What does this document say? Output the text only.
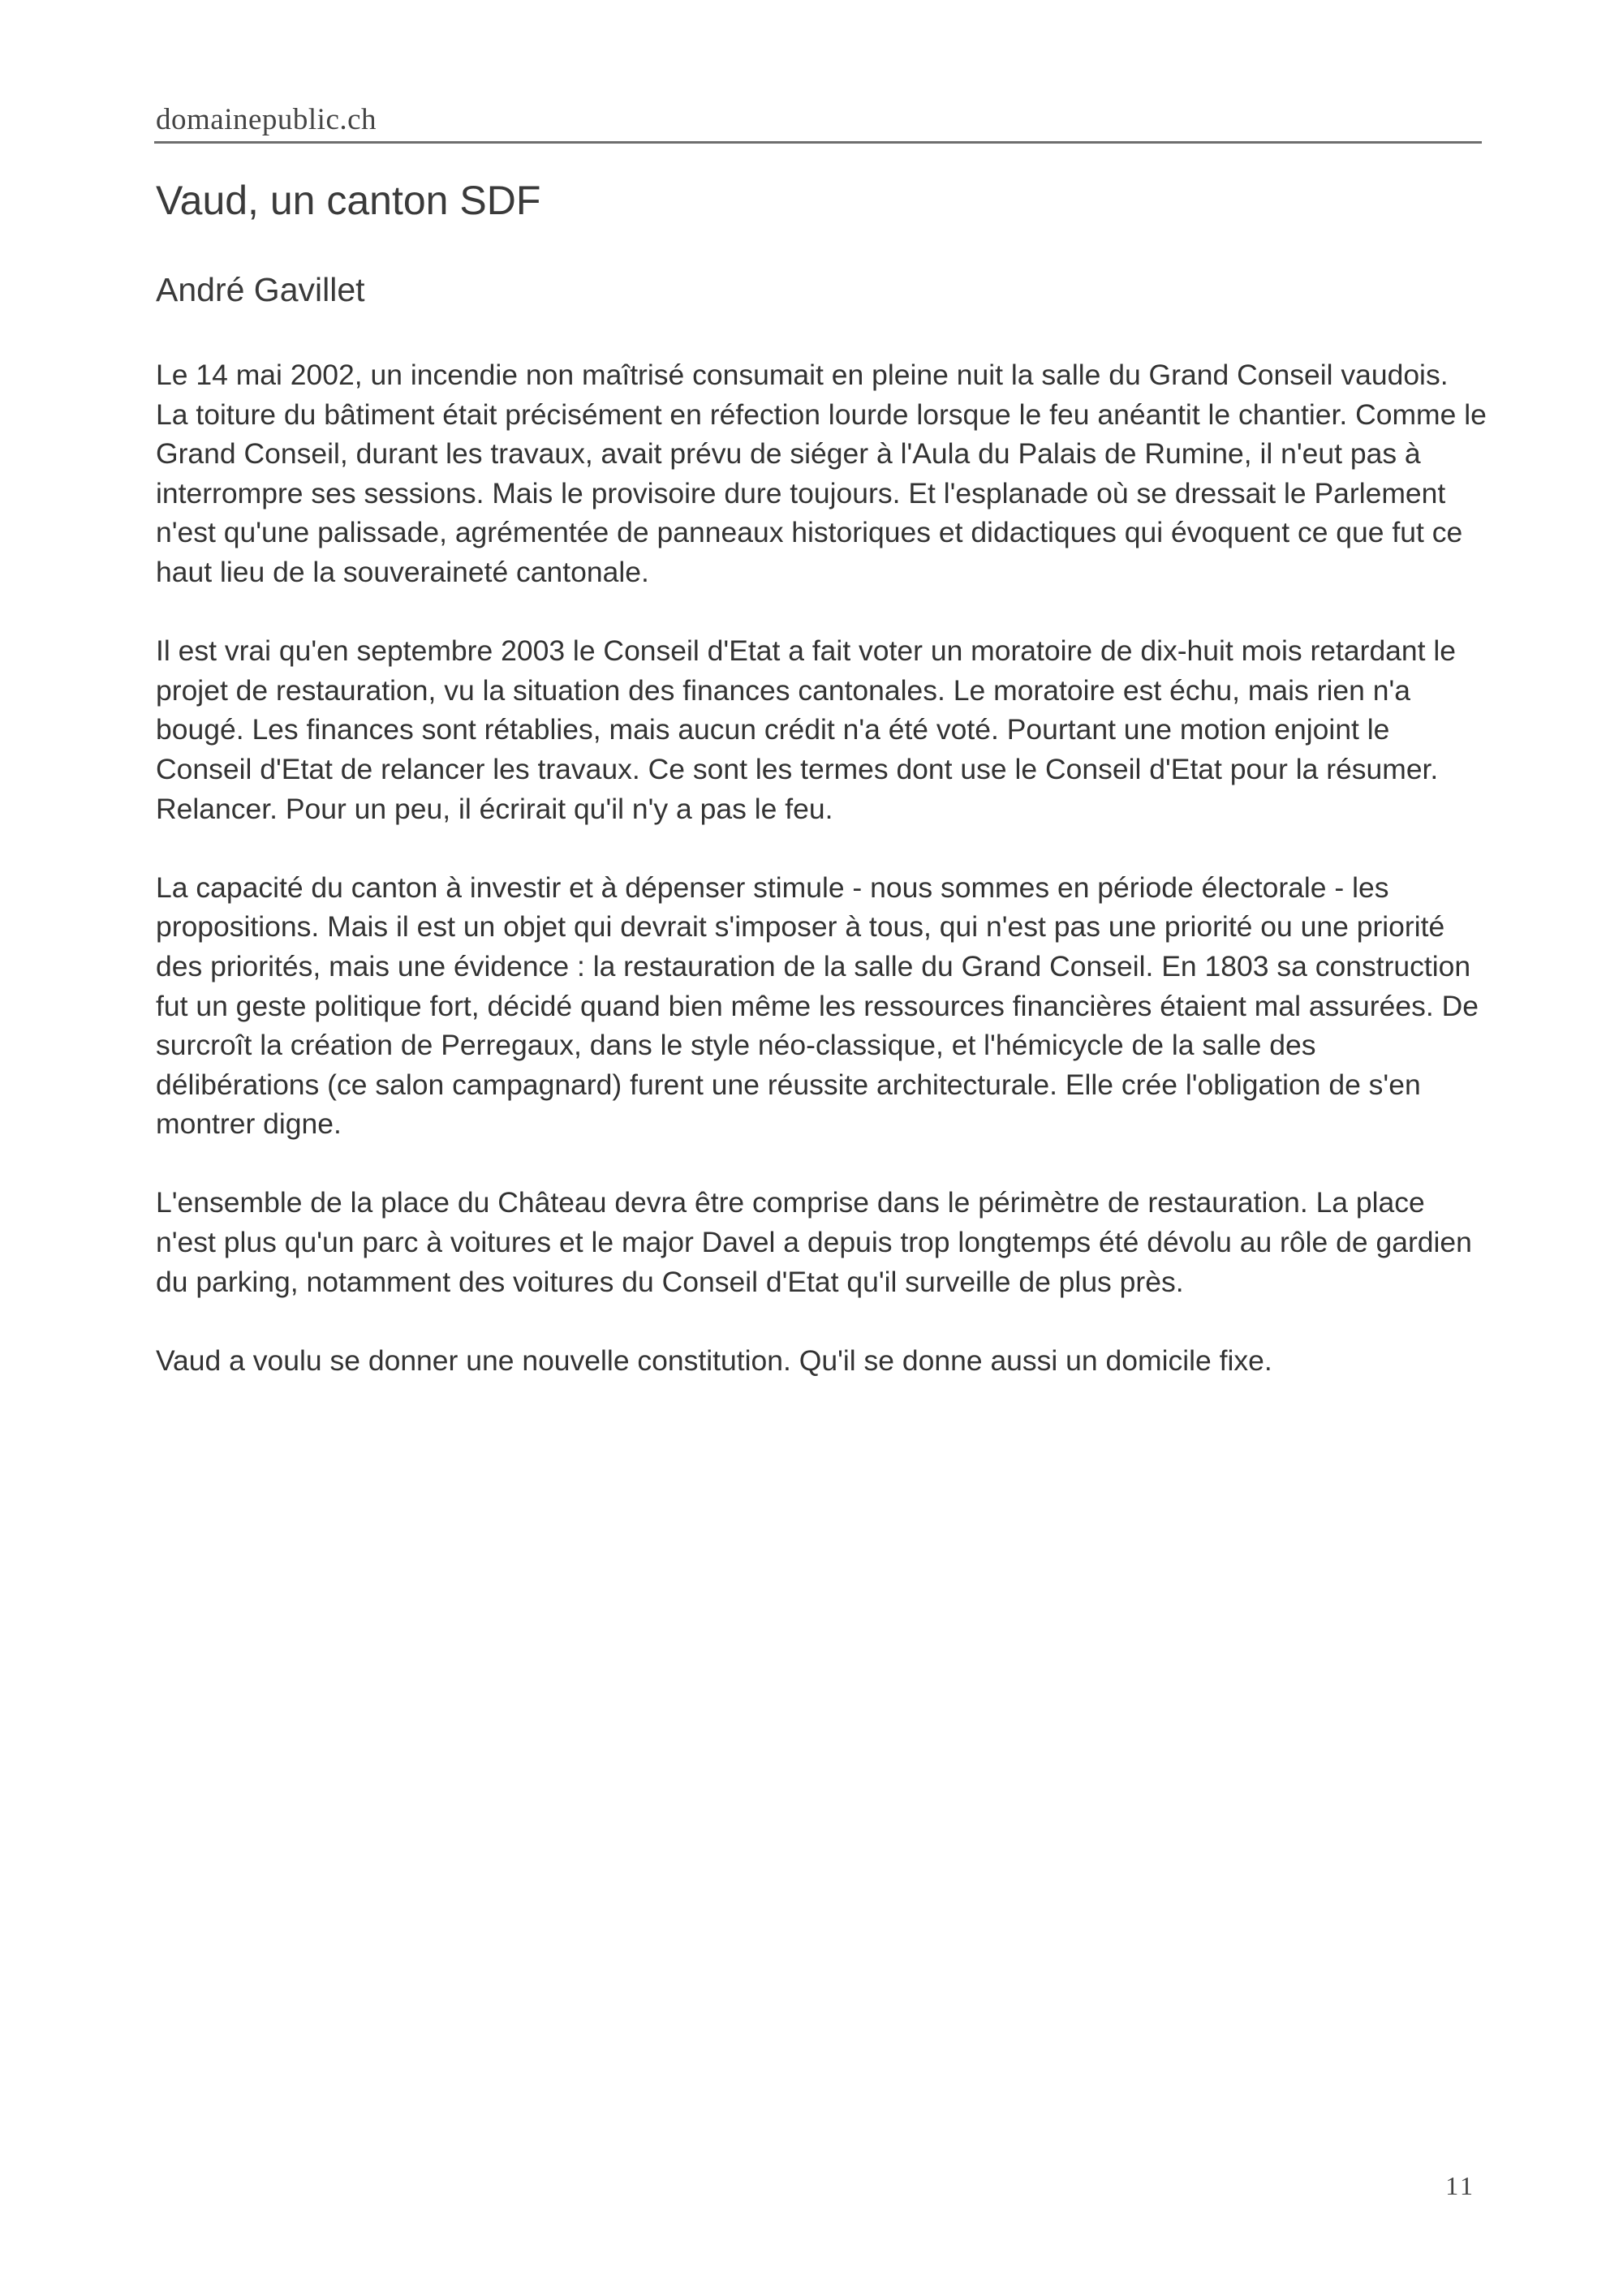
domainepublic.ch
Vaud, un canton SDF
André Gavillet

Le 14 mai 2002, un incendie non maîtrisé consumait en pleine nuit la salle du Grand Conseil vaudois. La toiture du bâtiment était précisément en réfection lourde lorsque le feu anéantit le chantier. Comme le Grand Conseil, durant les travaux, avait prévu de siéger à l'Aula du Palais de Rumine, il n'eut pas à interrompre ses sessions. Mais le provisoire dure toujours. Et l'esplanade où se dressait le Parlement n'est qu'une palissade, agrémentée de panneaux historiques et didactiques qui évoquent ce que fut ce haut lieu de la souveraineté cantonale.

Il est vrai qu'en septembre 2003 le Conseil d'Etat a fait voter un moratoire de dix-huit mois retardant le projet de restauration, vu la situation des finances cantonales. Le moratoire est échu, mais rien n'a bougé. Les finances sont rétablies, mais aucun crédit n'a été voté. Pourtant une motion enjoint le Conseil d'Etat de relancer les travaux. Ce sont les termes dont use le Conseil d'Etat pour la résumer. Relancer. Pour un peu, il écrirait qu'il n'y a pas le feu.

La capacité du canton à investir et à dépenser stimule - nous sommes en période électorale - les propositions. Mais il est un objet qui devrait s'imposer à tous, qui n'est pas une priorité ou une priorité des priorités, mais une évidence : la restauration de la salle du Grand Conseil. En 1803 sa construction fut un geste politique fort, décidé quand bien même les ressources financières étaient mal assurées. De surcroît la création de Perregaux, dans le style néo-classique, et l'hémicycle de la salle des délibérations (ce salon campagnard) furent une réussite architecturale. Elle crée l'obligation de s'en montrer digne.

L'ensemble de la place du Château devra être comprise dans le périmètre de restauration. La place n'est plus qu'un parc à voitures et le major Davel a depuis trop longtemps été dévolu au rôle de gardien du parking, notamment des voitures du Conseil d'Etat qu'il surveille de plus près.

Vaud a voulu se donner une nouvelle constitution. Qu'il se donne aussi un domicile fixe.

11
